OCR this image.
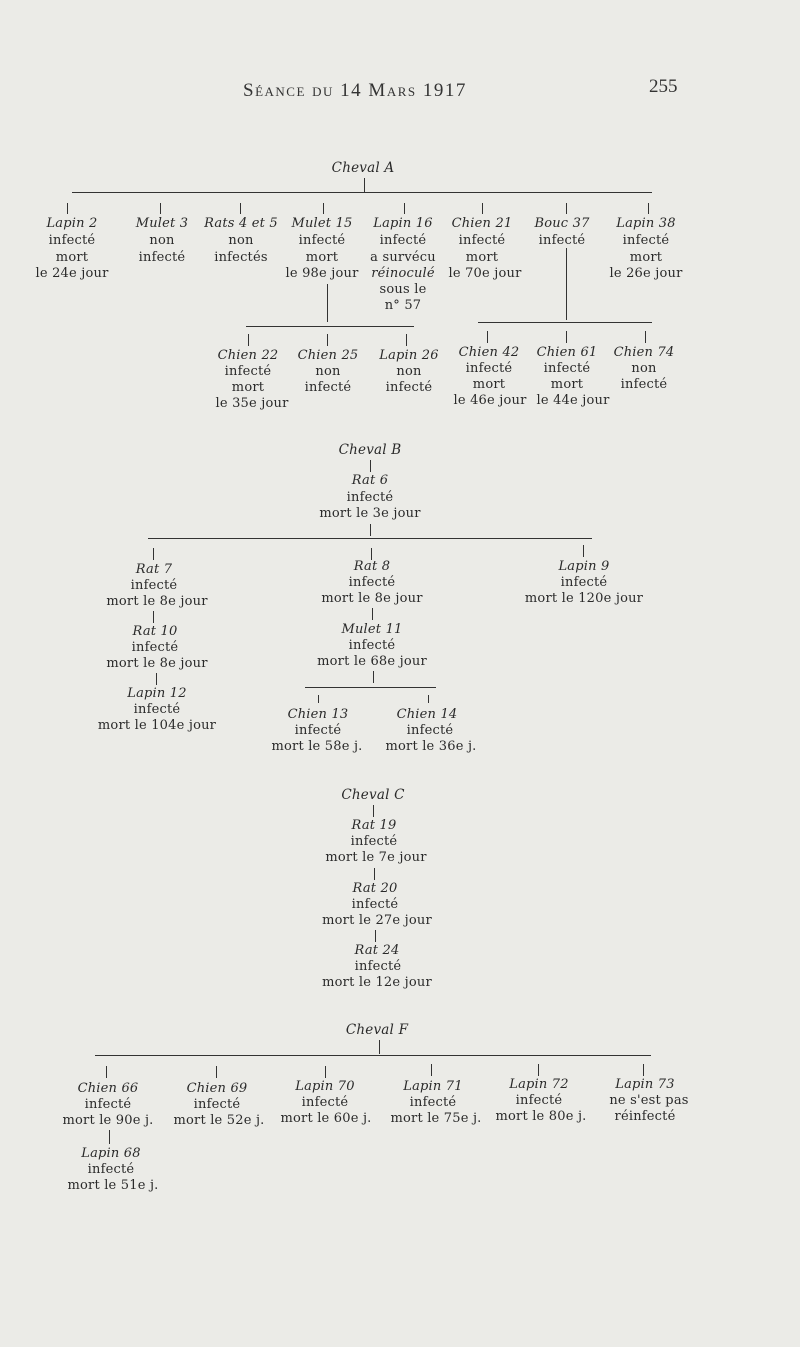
Séance du 14 Mars 1917	255
Cheval A
Lapin 2
infecté
mort
le 24e jour
Mulet 3
non
infecté
Rats 4 et 5
non
infectés
Mulet 15
infecté
mort
le 98e jour
Lapin 16
infecté
a survécu
réinoculé
sous le
n° 57
Chien 21
infecté
mort
le 70e jour
Bouc 37
infecté
Lapin 38
infecté
mort
le 26e jour
Chien 22
infecté
mort
le 35e jour
Chien 25
non
infecté
Lapin 26
non
infecté
Chien 42
infecté
mort
le 46e jour
Chien 61
infecté
mort
le 44e jour
Chien 74
non
infecté
Cheval B
Rat 6
infecté
mort le 3e jour
Rat 7
infecté
mort le 8e jour
Rat 10
infecté
mort le 8e jour
Lapin 12
infecté
mort le 104e jour
Rat 8
infecté
mort le 8e jour
Mulet 11
infecté
mort le 68e jour
Chien 13
infecté
mort le 58e j.
Chien 14
infecté
mort le 36e j.
Lapin 9
infecté
mort le 120e jour
Cheval C
Rat 19
infecté
mort le 7e jour
Rat 20
infecté
mort le 27e jour
Rat 24
infecté
mort le 12e jour
Cheval F
Chien 66
infecté
mort le 90e j.
Chien 69
infecté
mort le 52e j.
Lapin 70
infecté
mort le 60e j.
Lapin 71
infecté
mort le 75e j.
Lapin 72
infecté
mort le 80e j.
Lapin 73
ne s'est pas
réinfecté
Lapin 68
infecté
mort le 51e j.
